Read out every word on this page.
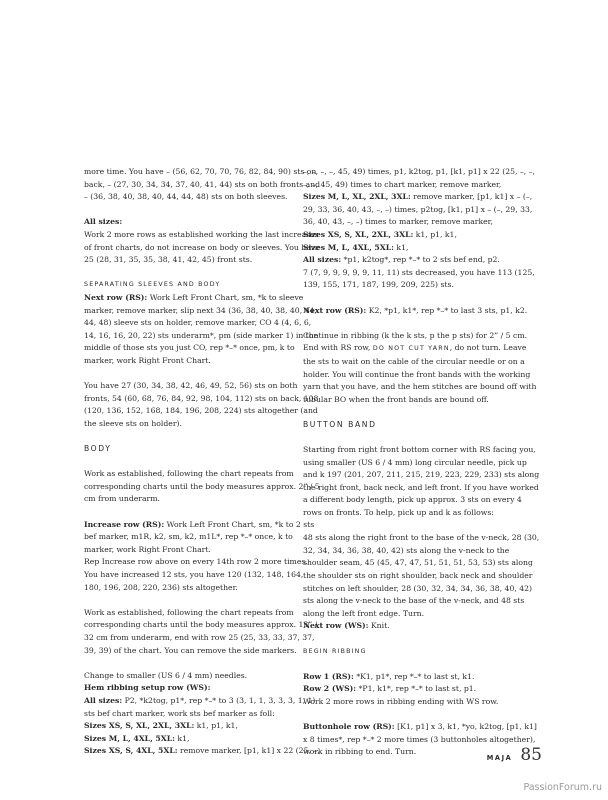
more time. You have – (56, 62, 70, 70, 76, 82, 84, 90) sts on back, – (27, 30, 34, 34, 37, 40, 41, 44) sts on both fronts and – (36, 38, 40, 38, 40, 44, 44, 48) sts on both sleeves.

All sizes:

Work 2 more rows as established working the last increases of front charts, do not increase on body or sleeves. You have 25 (28, 31, 35, 35, 38, 41, 42, 45) front sts.

SEPARATING SLEEVES AND BODY

Next row (RS): Work Left Front Chart, sm, *k to sleeve marker, remove marker, slip next 34 (36, 38, 40, 38, 40, 44, 44, 48) sleeve sts on holder, remove marker, CO 4 (4, 6, 6, 14, 16, 16, 20, 22) sts underarm*, pm (side marker 1) in the middle of those sts you just CO, rep *–* once, pm, k to marker, work Right Front Chart.

You have 27 (30, 34, 38, 42, 46, 49, 52, 56) sts on both fronts, 54 (60, 68, 76, 84, 92, 98, 104, 112) sts on back, 108 (120, 136, 152, 168, 184, 196, 208, 224) sts altogether (and the sleeve sts on holder).

BODY

Work as established, following the chart repeats from corresponding charts until the body measures approx. 2” / 5 cm from underarm.

Increase row (RS): Work Left Front Chart, sm, *k to 2 sts bef marker, m1R, k2, sm, k2, m1L*, rep *–* once, k to marker, work Right Front Chart.

Rep Increase row above on every 14th row 2 more times. You have increased 12 sts, you have 120 (132, 148, 164, 180, 196, 208, 220, 236) sts altogether.

Work as established, following the chart repeats from corresponding charts until the body measures approx. 13” / 32 cm from underarm, end with row 25 (25, 33, 33, 37, 37, 39, 39) of the chart. You can remove the side markers.

Change to smaller (US 6 / 4 mm) needles.

Hem ribbing setup row (WS):

All sizes: P2, *k2tog, p1*, rep *–* to 3 (3, 1, 1, 3, 3, 3, 1, 1) sts bef chart marker, work sts bef marker as foll:

Sizes XS, S, XL, 2XL, 3XL: k1, p1, k1,

Sizes M, L, 4XL, 5XL: k1,

Sizes XS, S, 4XL, 5XL: remove marker, [p1, k1] x 22 (25, –,

–, –, –, –, 45, 49) times, p1, k2tog, p1, [k1, p1] x 22 (25, –, –, –, –, 45, 49) times to chart marker, remove marker,

Sizes M, L, XL, 2XL, 3XL: remove marker, [p1, k1] x – (–, 29, 33, 36, 40, 43, –, –) times, p2tog, [k1, p1] x – (–, 29, 33, 36, 40, 43, –, –) times to marker, remove marker,

Sizes XS, S, XL, 2XL, 3XL: k1, p1, k1,

Sizes M, L, 4XL, 5XL: k1,

All sizes: *p1, k2tog*, rep *–* to 2 sts bef end, p2.

7 (7, 9, 9, 9, 9, 9, 11, 11) sts decreased, you have 113 (125, 139, 155, 171, 187, 199, 209, 225) sts.

Next row (RS): K2, *p1, k1*, rep *–* to last 3 sts, p1, k2.

Continue in ribbing (k the k sts, p the p sts) for 2” / 5 cm. End with RS row, DO NOT CUT YARN, do not turn. Leave the sts to wait on the cable of the circular needle or on a holder. You will continue the front bands with the working yarn that you have, and the hem stitches are bound off with tubular BO when the front bands are bound off.

BUTTON BAND

Starting from right front bottom corner with RS facing you, using smaller (US 6 / 4 mm) long circular needle, pick up and k 197 (201, 207, 211, 215, 219, 223, 229, 233) sts along the right front, back neck, and left front. If you have worked a different body length, pick up approx. 3 sts on every 4 rows on fronts. To help, pick up and k as follows:

48 sts along the right front to the base of the v-neck, 28 (30, 32, 34, 34, 36, 38, 40, 42) sts along the v-neck to the shoulder seam, 45 (45, 47, 47, 51, 51, 51, 53, 53) sts along the shoulder sts on right shoulder, back neck and shoulder stitches on left shoulder, 28 (30, 32, 34, 34, 36, 38, 40, 42) sts along the v-neck to the base of the v-neck, and 48 sts along the left front edge. Turn.

Next row (WS): Knit.

BEGIN RIBBING

Row 1 (RS): *K1, p1*, rep *–* to last st, k1.

Row 2 (WS): *P1, k1*, rep *–* to last st, p1.

Work 2 more rows in ribbing ending with WS row.

Buttonhole row (RS): [K1, p1] x 3, k1, *yo, k2tog, [p1, k1] x 8 times*, rep *–* 2 more times (3 buttonholes altogether), work in ribbing to end. Turn.

MAJA 85
PassionForum.ru
